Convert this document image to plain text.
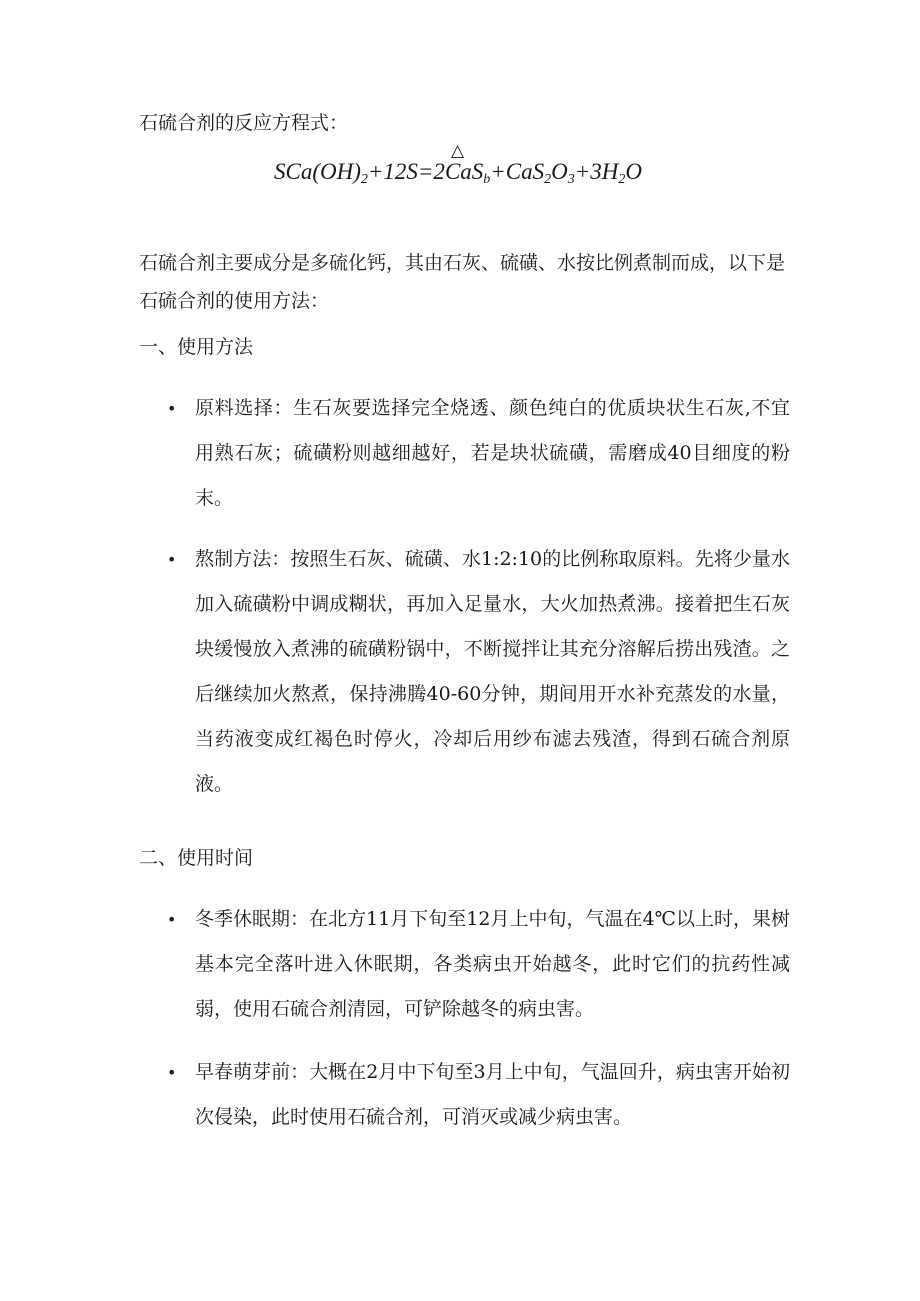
石硫合剂的反应方程式：

△
$SCa(OH)_2+12S=2CaS_b+CaS_2O_3+3H_2O$

石硫合剂主要成分是多硫化钙，其由石灰、硫磺、水按比例煮制而成，以下是石硫合剂的使用方法：

一、使用方法

• 原料选择：生石灰要选择完全烧透、颜色纯白的优质块状生石灰,不宜用熟石灰；硫磺粉则越细越好，若是块状硫磺，需磨成40目细度的粉末。

• 熬制方法：按照生石灰、硫磺、水1:2:10的比例称取原料。先将少量水加入硫磺粉中调成糊状，再加入足量水，大火加热煮沸。接着把生石灰块缓慢放入煮沸的硫磺粉锅中，不断搅拌让其充分溶解后捞出残渣。之后继续加火熬煮，保持沸腾40-60分钟，期间用开水补充蒸发的水量，当药液变成红褐色时停火，冷却后用纱布滤去残渣，得到石硫合剂原液。

二、使用时间

• 冬季休眠期：在北方11月下旬至12月上中旬，气温在4℃以上时，果树基本完全落叶进入休眠期，各类病虫开始越冬，此时它们的抗药性减弱，使用石硫合剂清园，可铲除越冬的病虫害。

• 早春萌芽前：大概在2月中下旬至3月上中旬，气温回升，病虫害开始初次侵染，此时使用石硫合剂，可消灭或减少病虫害。
